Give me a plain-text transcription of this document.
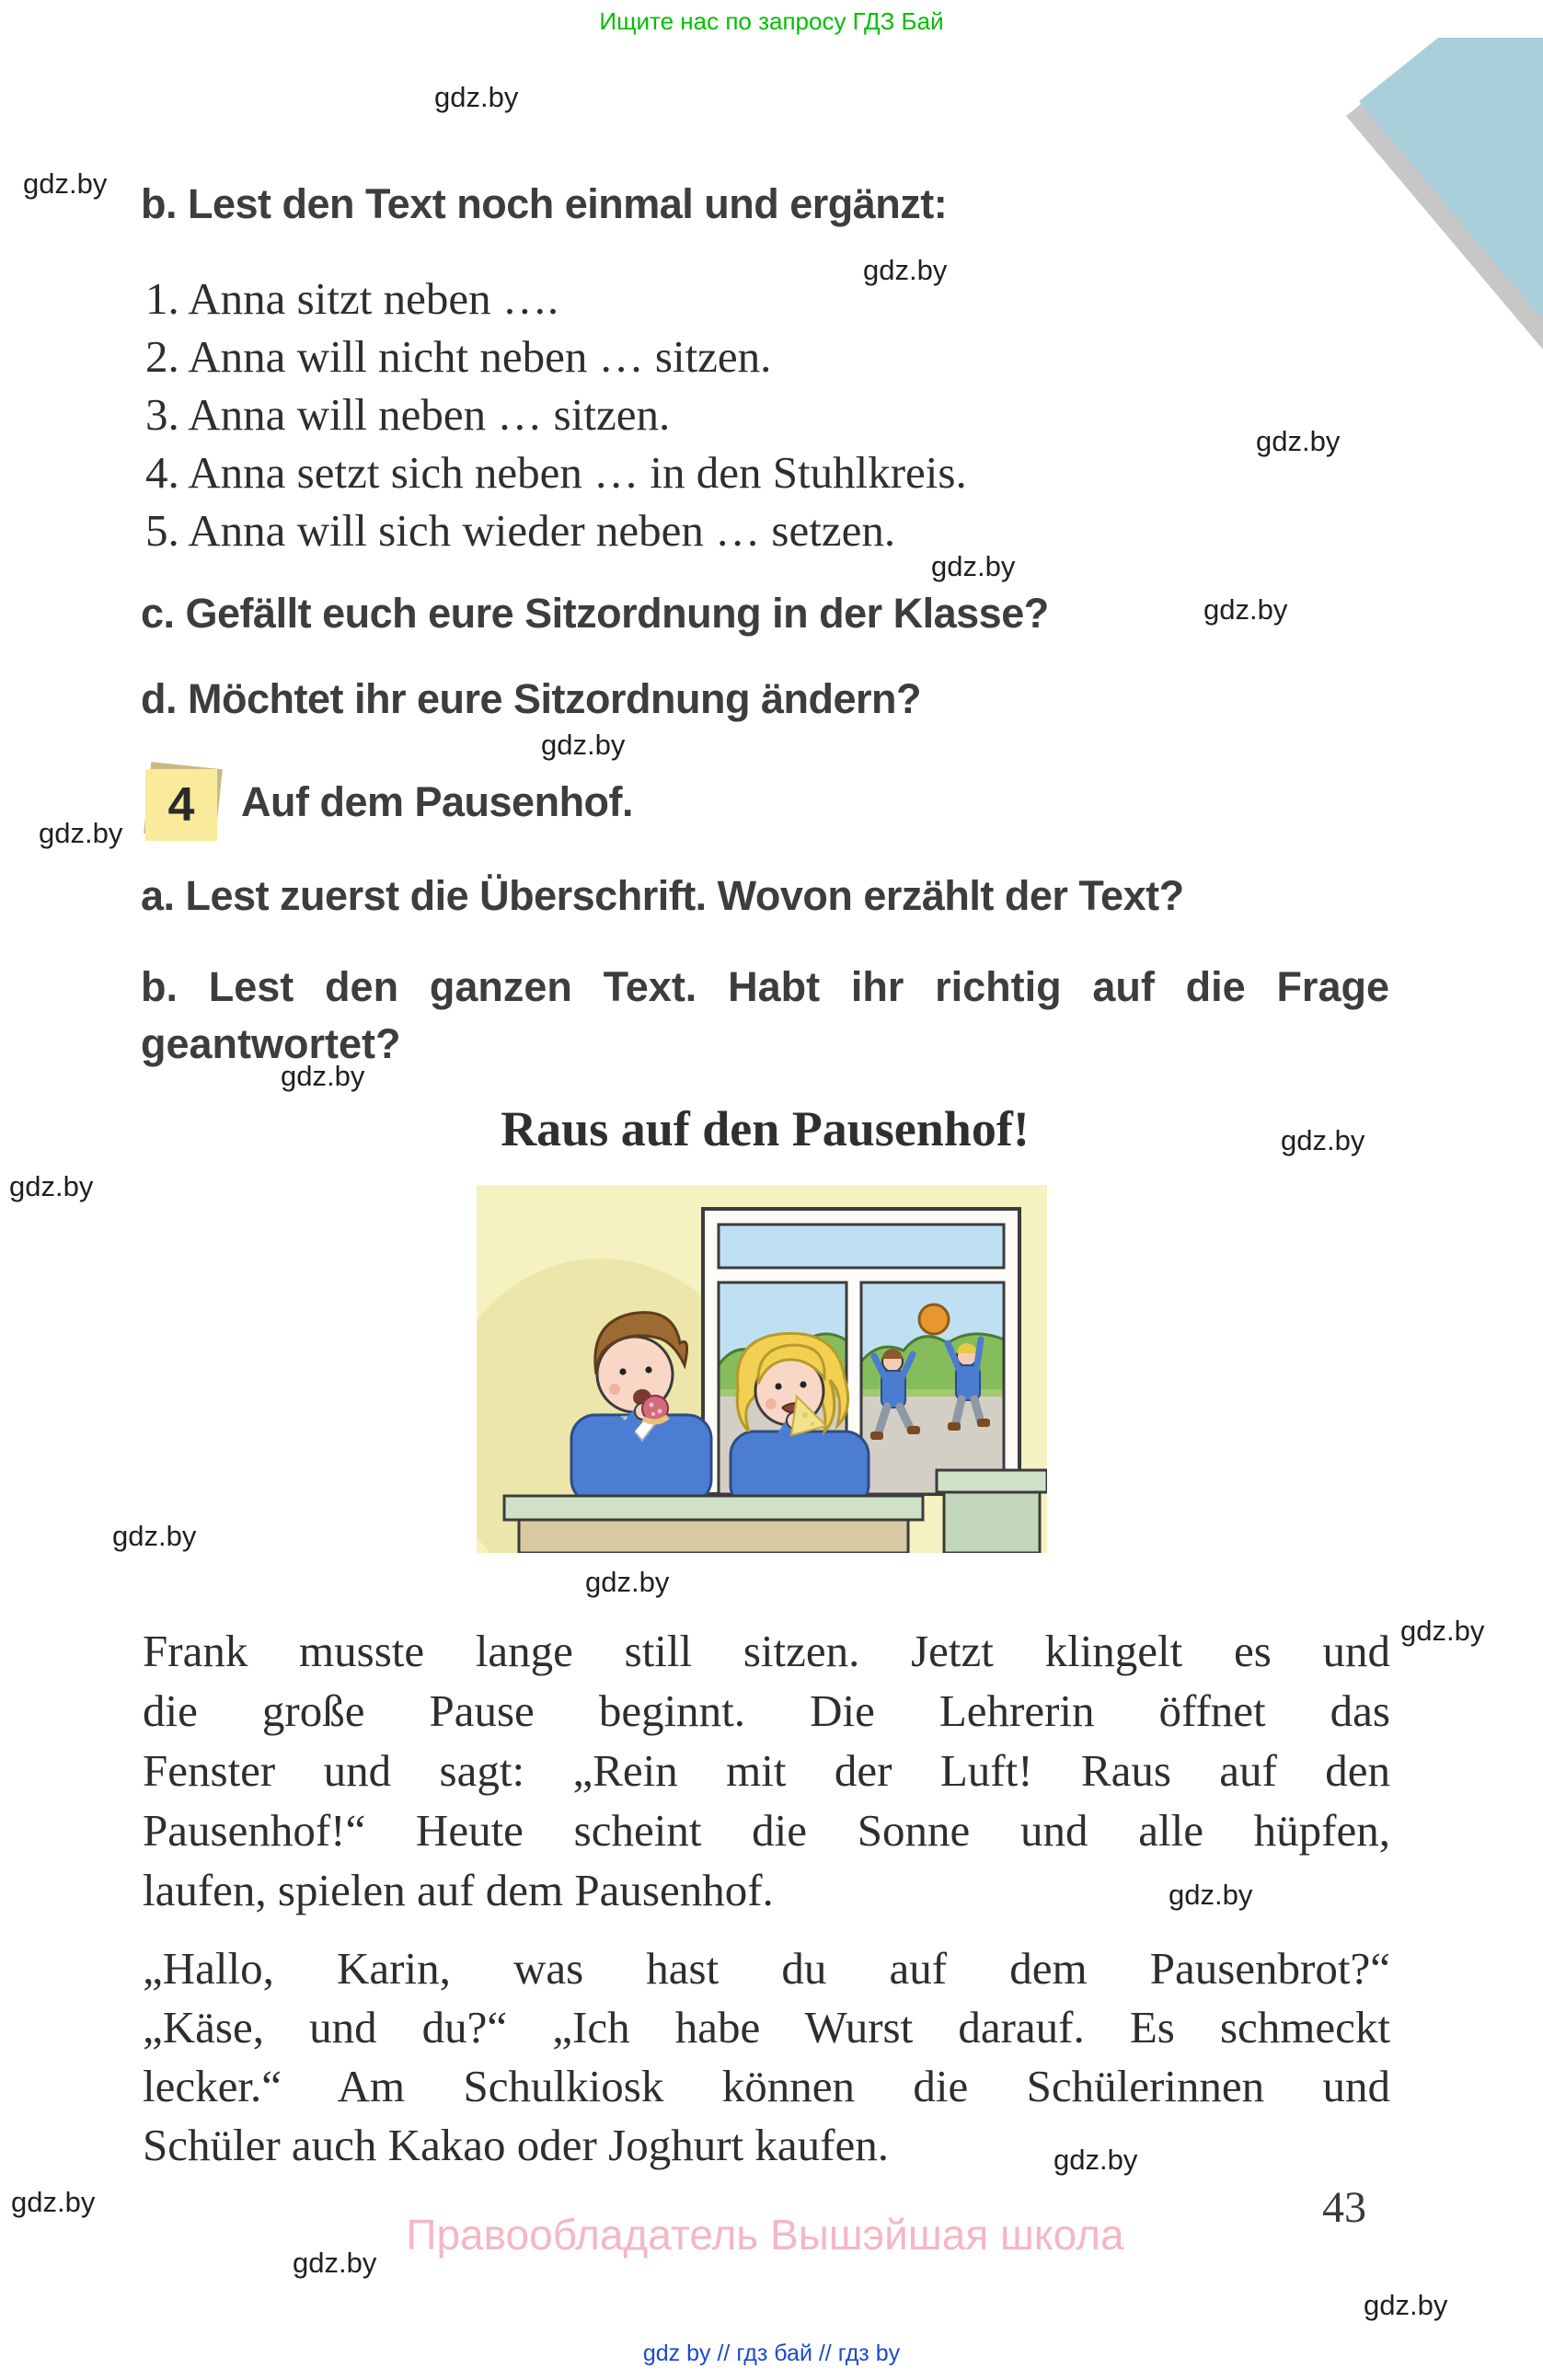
Ищите нас по запросу ГДЗ Бай
gdz.by
gdz.by
gdz.by
gdz.by
gdz.by
gdz.by
gdz.by
gdz.by
gdz.by
gdz.by
gdz.by
gdz.by
gdz.by
gdz.by
gdz.by
gdz.by
gdz.by
gdz.by
gdz.by
b. Lest den Text noch einmal und ergänzt:
1. Anna sitzt neben ….
2. Anna will nicht neben … sitzen.
3. Anna will neben … sitzen.
4. Anna setzt sich neben … in den Stuhlkreis.
5. Anna will sich wieder neben … setzen.
c. Gefällt euch eure Sitzordnung in der Klasse?
d. Möchtet ihr eure Sitzordnung ändern?
4	Auf dem Pausenhof.
a. Lest zuerst die Überschrift. Wovon erzählt der Text?
b. Lest den ganzen Text. Habt ihr richtig auf die Frage
geantwortet?
Raus auf den Pausenhof!
Frank musste lange still sitzen. Jetzt klingelt es und
die große Pause beginnt. Die Lehrerin öffnet das
Fenster und sagt: „Rein mit der Luft! Raus auf den
Pausenhof!“ Heute scheint die Sonne und alle hüpfen,
laufen, spielen auf dem Pausenhof.
„Hallo, Karin, was hast du auf dem Pausenbrot?“
„Käse, und du?“ „Ich habe Wurst darauf. Es schmeckt
lecker.“ Am Schulkiosk können die Schülerinnen und
Schüler auch Kakao oder Joghurt kaufen.
Правообладатель Вышэйшая школа
43
gdz by // гдз бай // гдз by
